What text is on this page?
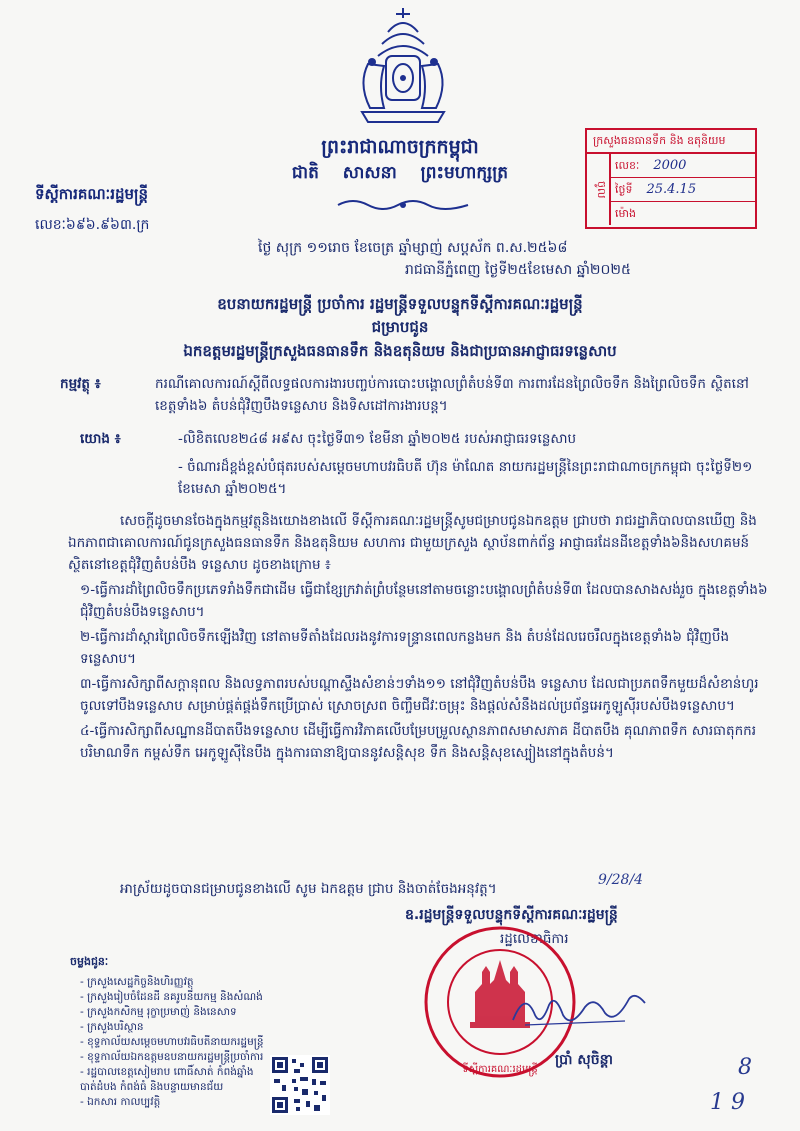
ព្រះរាជាណាចក្រកម្ពុជា
ជាតិ សាសនា ព្រះមហាក្សត្រ
ទីស្តីការគណៈរដ្ឋមន្ត្រី
លេខៈ៦៩៦.៩៦៣.ក្រ
ក្រសួងធនធានទឹក និង ឧតុនិយម
ចូល
លេខៈ 2000
ថ្ងៃទី 25.4.15
ម៉ោង
ថ្ងៃ សុក្រ ១១រោច ខែចេត្រ ឆ្នាំម្សាញ់ សប្តស័ក ព.ស.២៥៦៨
រាជធានីភ្នំពេញ ថ្ងៃទី២៥ខែមេសា ឆ្នាំ២០២៥
ឧបនាយករដ្ឋមន្ត្រី ប្រចាំការ រដ្ឋមន្ត្រីទទួលបន្ទុកទីស្តីការគណៈរដ្ឋមន្ត្រី
ជម្រាបជូន
ឯកឧត្តមរដ្ឋមន្ត្រីក្រសួងធនធានទឹក និងឧតុនិយម និងជាប្រធានអាជ្ញាធរទន្លេសាប
កម្មវត្ថុ ៖	ករណីគោលការណ៍ស្តីពីលទ្ធផលការងារបញ្ចប់ការបោះបង្គោលព្រំតំបន់ទី៣ ការពារដែនព្រៃលិចទឹក និងព្រៃលិចទឹក ស្ថិតនៅខេត្តទាំង៦ តំបន់ជុំវិញបឹងទន្លេសាប និងទិសដៅការងារបន្ត។
យោង ៖	-លិខិតលេខ២៤៨ អ៩ស ចុះថ្ងៃទី៣១ ខែមីនា ឆ្នាំ២០២៥ របស់អាជ្ញាធរទន្លេសាប
- ចំណារដ៏ខ្ពង់ខ្ពស់បំផុតរបស់សម្តេចមហាបវរធិបតី ហ៊ុន ម៉ាណែត នាយករដ្ឋមន្ត្រីនៃព្រះរាជាណាចក្រកម្ពុជា ចុះថ្ងៃទី២១ ខែមេសា ឆ្នាំ២០២៥។

សេចក្តីដូចមានចែងក្នុងកម្មវត្ថុនិងយោងខាងលើ ទីស្តីការគណៈរដ្ឋមន្ត្រីសូមជម្រាបជូនឯកឧត្តម ជ្រាបថា រាជរដ្ឋាភិបាលបានឃើញ និងឯកភាពជាគោលការណ៍ជូនក្រសួងធនធានទឹក និងឧតុនិយម សហការ ជាមួយក្រសួង ស្ថាប័នពាក់ព័ន្ធ អាជ្ញាធរដែនដីខេត្តទាំង៦និងសហគមន៍ស្ថិតនៅខេត្តជុំវិញតំបន់បឹង ទន្លេសាប ដូចខាងក្រោម ៖

១-ធ្វើការដាំព្រៃលិចទឹកប្រភេទរាំងទឹកជាដើម ធ្វើជាខ្សែក្រវាត់ព្រំបន្ថែមនៅតាមចន្លោះបង្គោលព្រំតំបន់ទី៣ ដែលបានសាងសង់រួច ក្នុងខេត្តទាំង៦ ជុំវិញតំបន់បឹងទន្លេសាប។

២-ធ្វើការដាំស្តារព្រៃលិចទឹកឡើងវិញ នៅតាមទីតាំងដែលរងនូវការទន្ទ្រានពេលកន្លងមក និង តំបន់ដែលរេចរឹលក្នុងខេត្តទាំង៦ ជុំវិញបឹងទន្លេសាប។

៣-ធ្វើការសិក្សាពីសក្តានុពល និងលទ្ធភាពរបស់បណ្តាស្ទឹងសំខាន់ៗទាំង១១ នៅជុំវិញតំបន់បឹង ទន្លេសាប ដែលជាប្រភពទឹកមួយដ៏សំខាន់ហូរចូលទៅបឹងទន្លេសាប សម្រាប់ផ្គត់ផ្គង់ទឹកប្រើប្រាស់ ស្រោចស្រព ចិញ្ចឹមជីវៈចម្រុះ និងផ្តល់សំនឹងដល់ប្រព័ន្ធអេកូឡូស៊ីរបស់បឹងទន្លេសាប។

៤-ធ្វើការសិក្សាពីសណ្ឋានដីបាតបឹងទន្លេសាប ដើម្បីធ្វើការវិភាគលើបម្រែបម្រួលស្ថានភាពសមាសភាគ ដីបាតបឹង គុណភាពទឹក សារធាតុកករ បរិមាណទឹក កម្ពស់ទឹក អេកូឡូស៊ីនៃបឹង ក្នុងការធានាឱ្យបាននូវសន្តិសុខ ទឹក និងសន្តិសុខស្បៀងនៅក្នុងតំបន់។

អាស្រ័យដូចបានជម្រាបជូនខាងលើ សូម ឯកឧត្តម ជ្រាប និងចាត់ចែងអនុវត្ត។
9/28/4
ឧ.រដ្ឋមន្ត្រីទទួលបន្ទុកទីស្តីការគណៈរដ្ឋមន្ត្រី
រដ្ឋលេខាធិការ
ទីស្តីការគណៈរដ្ឋមន្ត្រី
ប្រាំ សុចិន្តា
ចម្លងជូនៈ
- ក្រសួងសេដ្ឋកិច្ចនិងហិរញ្ញវត្ថុ
- ក្រសួងរៀបចំដែនដី នគរូបនីយកម្ម និងសំណង់
- ក្រសួងកសិកម្ម រុក្ខាប្រមាញ់ និងនេសាទ
- ក្រសួងបរិស្ថាន
- ខុទ្ទកាល័យសម្តេចមហាបវរធិបតីនាយករដ្ឋមន្ត្រី
- ខុទ្ទកាល័យឯកឧត្តមឧបនាយករដ្ឋមន្ត្រីប្រចាំការ
- រដ្ឋបាលខេត្តសៀមរាប ពោធិ៍សាត់ កំពង់ឆ្នាំង
បាត់ដំបង កំពង់ធំ និងបន្ទាយមានជ័យ
- ឯកសារ កាលប្បវត្តិ
8
1 9
